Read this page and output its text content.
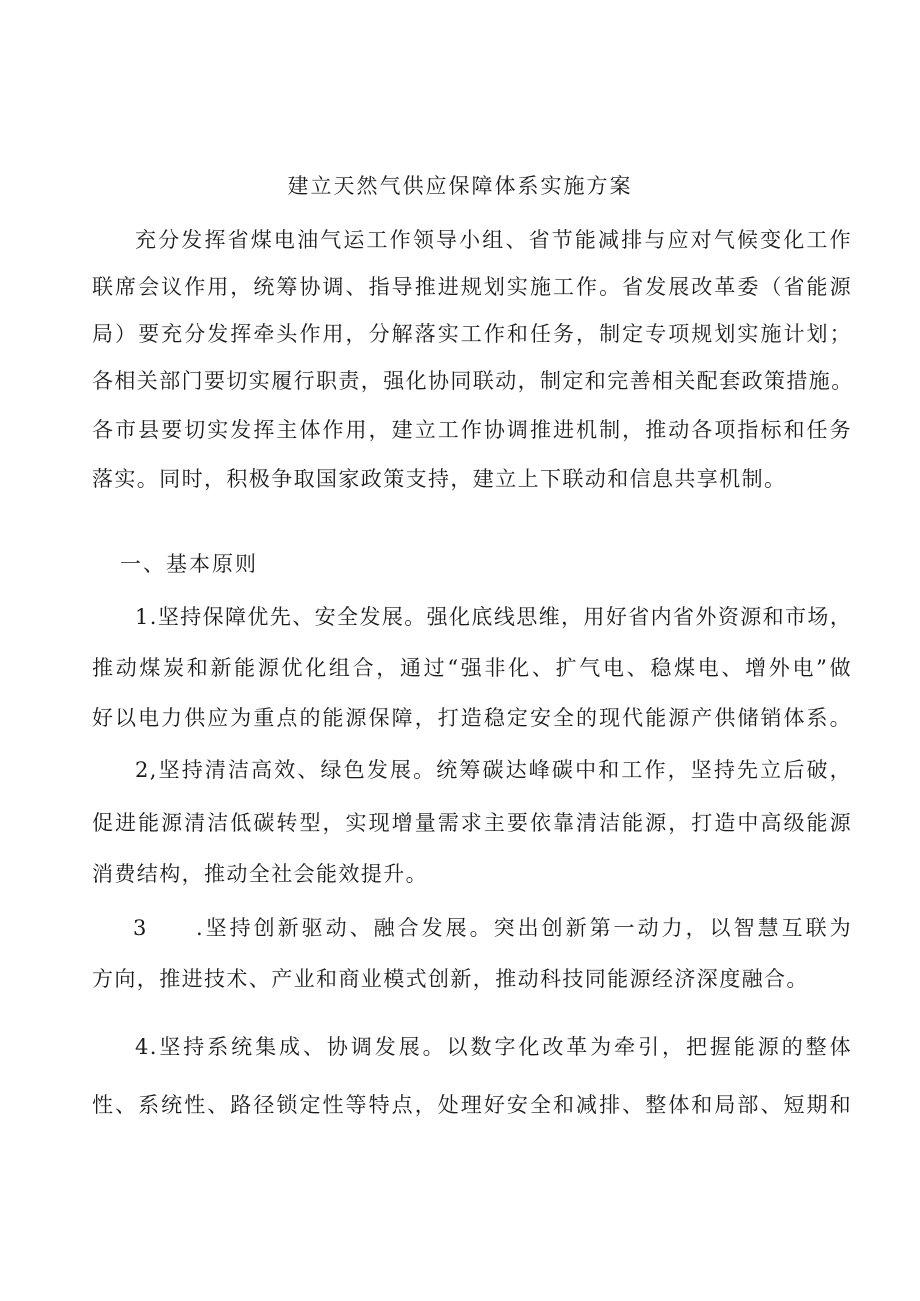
建立天然气供应保障体系实施方案
充分发挥省煤电油气运工作领导小组、省节能减排与应对气候变化工作
联席会议作用，统筹协调、指导推进规划实施工作。省发展改革委（省能源
局）要充分发挥牵头作用，分解落实工作和任务，制定专项规划实施计划；
各相关部门要切实履行职责，强化协同联动，制定和完善相关配套政策措施。
各市县要切实发挥主体作用，建立工作协调推进机制，推动各项指标和任务
落实。同时，积极争取国家政策支持，建立上下联动和信息共享机制。
一、基本原则
1.坚持保障优先、安全发展。强化底线思维，用好省内省外资源和市场，
推动煤炭和新能源优化组合，通过“强非化、扩气电、稳煤电、增外电”做
好以电力供应为重点的能源保障，打造稳定安全的现代能源产供储销体系。
2,坚持清洁高效、绿色发展。统筹碳达峰碳中和工作，坚持先立后破，
促进能源清洁低碳转型，实现增量需求主要依靠清洁能源，打造中高级能源
消费结构，推动全社会能效提升。
3	.坚持创新驱动、融合发展。突出创新第一动力，以智慧互联为
方向，推进技术、产业和商业模式创新，推动科技同能源经济深度融合。
4.坚持系统集成、协调发展。以数字化改革为牵引，把握能源的整体
性、系统性、路径锁定性等特点，处理好安全和减排、整体和局部、短期和
